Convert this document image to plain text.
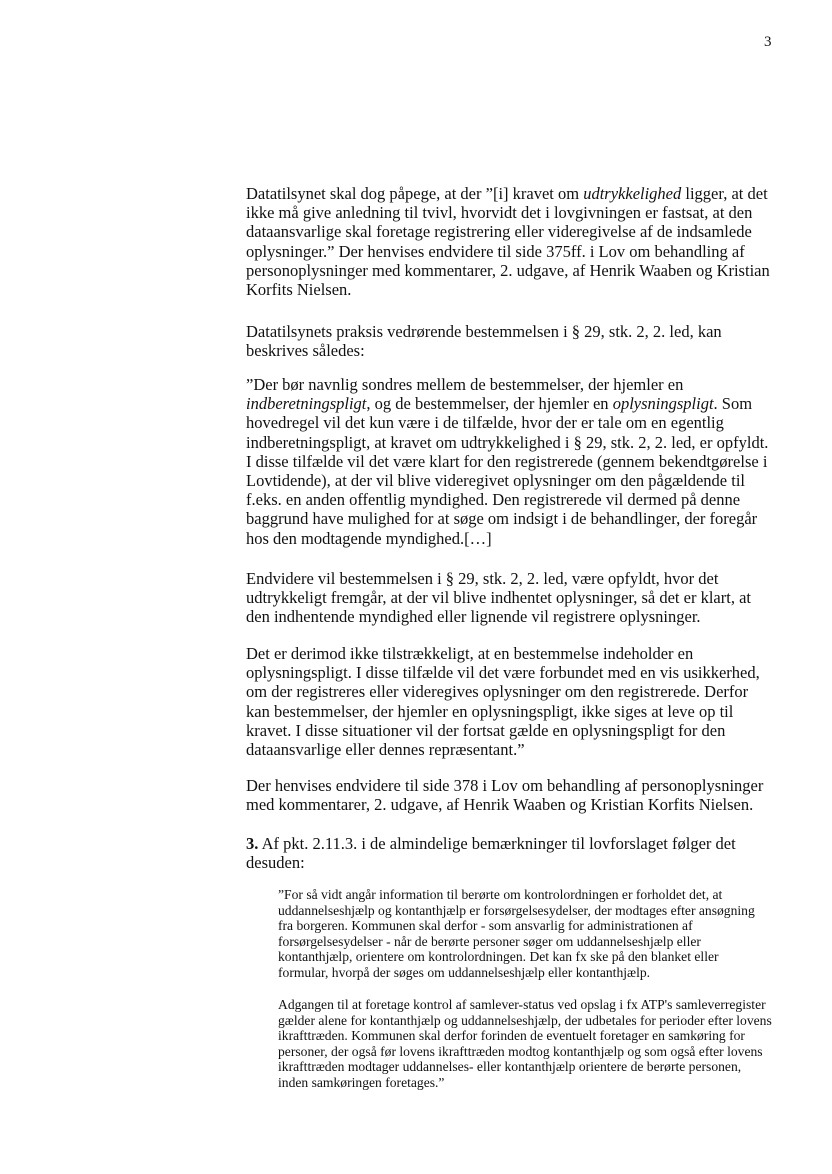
3

Datatilsynet skal dog påpege, at der ”[i] kravet om udtrykkelighed ligger, at det ikke må give anledning til tvivl, hvorvidt det i lovgivningen er fastsat, at den dataansvarlige skal foretage registrering eller videregivelse af de indsamlede oplysninger.” Der henvises endvidere til side 375ff. i Lov om behandling af personoplysninger med kommentarer, 2. udgave, af Henrik Waaben og Kristian Korfits Nielsen.

Datatilsynets praksis vedrørende bestemmelsen i § 29, stk. 2, 2. led, kan beskrives således:

”Der bør navnlig sondres mellem de bestemmelser, der hjemler en indberetningspligt, og de bestemmelser, der hjemler en oplysningspligt. Som hovedregel vil det kun være i de tilfælde, hvor der er tale om en egentlig indberetningspligt, at kravet om udtrykkelighed i § 29, stk. 2, 2. led, er opfyldt. I disse tilfælde vil det være klart for den registrerede (gennem bekendtgørelse i Lovtidende), at der vil blive videregivet oplysninger om den pågældende til f.eks. en anden offentlig myndighed. Den registrerede vil dermed på denne baggrund have mulighed for at søge om indsigt i de behandlinger, der foregår hos den modtagende myndighed.[…]

Endvidere vil bestemmelsen i § 29, stk. 2, 2. led, være opfyldt, hvor det udtrykkeligt fremgår, at der vil blive indhentet oplysninger, så det er klart, at den indhentende myndighed eller lignende vil registrere oplysninger.

Det er derimod ikke tilstrækkeligt, at en bestemmelse indeholder en oplysningspligt. I disse tilfælde vil det være forbundet med en vis usikkerhed, om der registreres eller videregives oplysninger om den registrerede. Derfor kan bestemmelser, der hjemler en oplysningspligt, ikke siges at leve op til kravet. I disse situationer vil der fortsat gælde en oplysningspligt for den dataansvarlige eller dennes repræsentant.”

Der henvises endvidere til side 378 i Lov om behandling af personoplysninger med kommentarer, 2. udgave, af Henrik Waaben og Kristian Korfits Nielsen.

3. Af pkt. 2.11.3. i de almindelige bemærkninger til lovforslaget følger det desuden:

”For så vidt angår information til berørte om kontrolordningen er forholdet det, at uddannelseshjælp og kontanthjælp er forsørgelsesydelser, der modtages efter ansøgning fra borgeren. Kommunen skal derfor - som ansvarlig for administrationen af forsørgelsesydelser - når de berørte personer søger om uddannelseshjælp eller kontanthjælp, orientere om kontrolordningen. Det kan fx ske på den blanket eller formular, hvorpå der søges om uddannelseshjælp eller kontanthjælp.

Adgangen til at foretage kontrol af samlever-status ved opslag i fx ATP's samleverregister gælder alene for kontanthjælp og uddannelseshjælp, der udbetales for perioder efter lovens ikrafttræden. Kommunen skal derfor forinden de eventuelt foretager en samkøring for personer, der også før lovens ikrafttræden modtog kontanthjælp og som også efter lovens ikrafttræden modtager uddannelses- eller kontanthjælp orientere de berørte personen, inden samkøringen foretages.”
